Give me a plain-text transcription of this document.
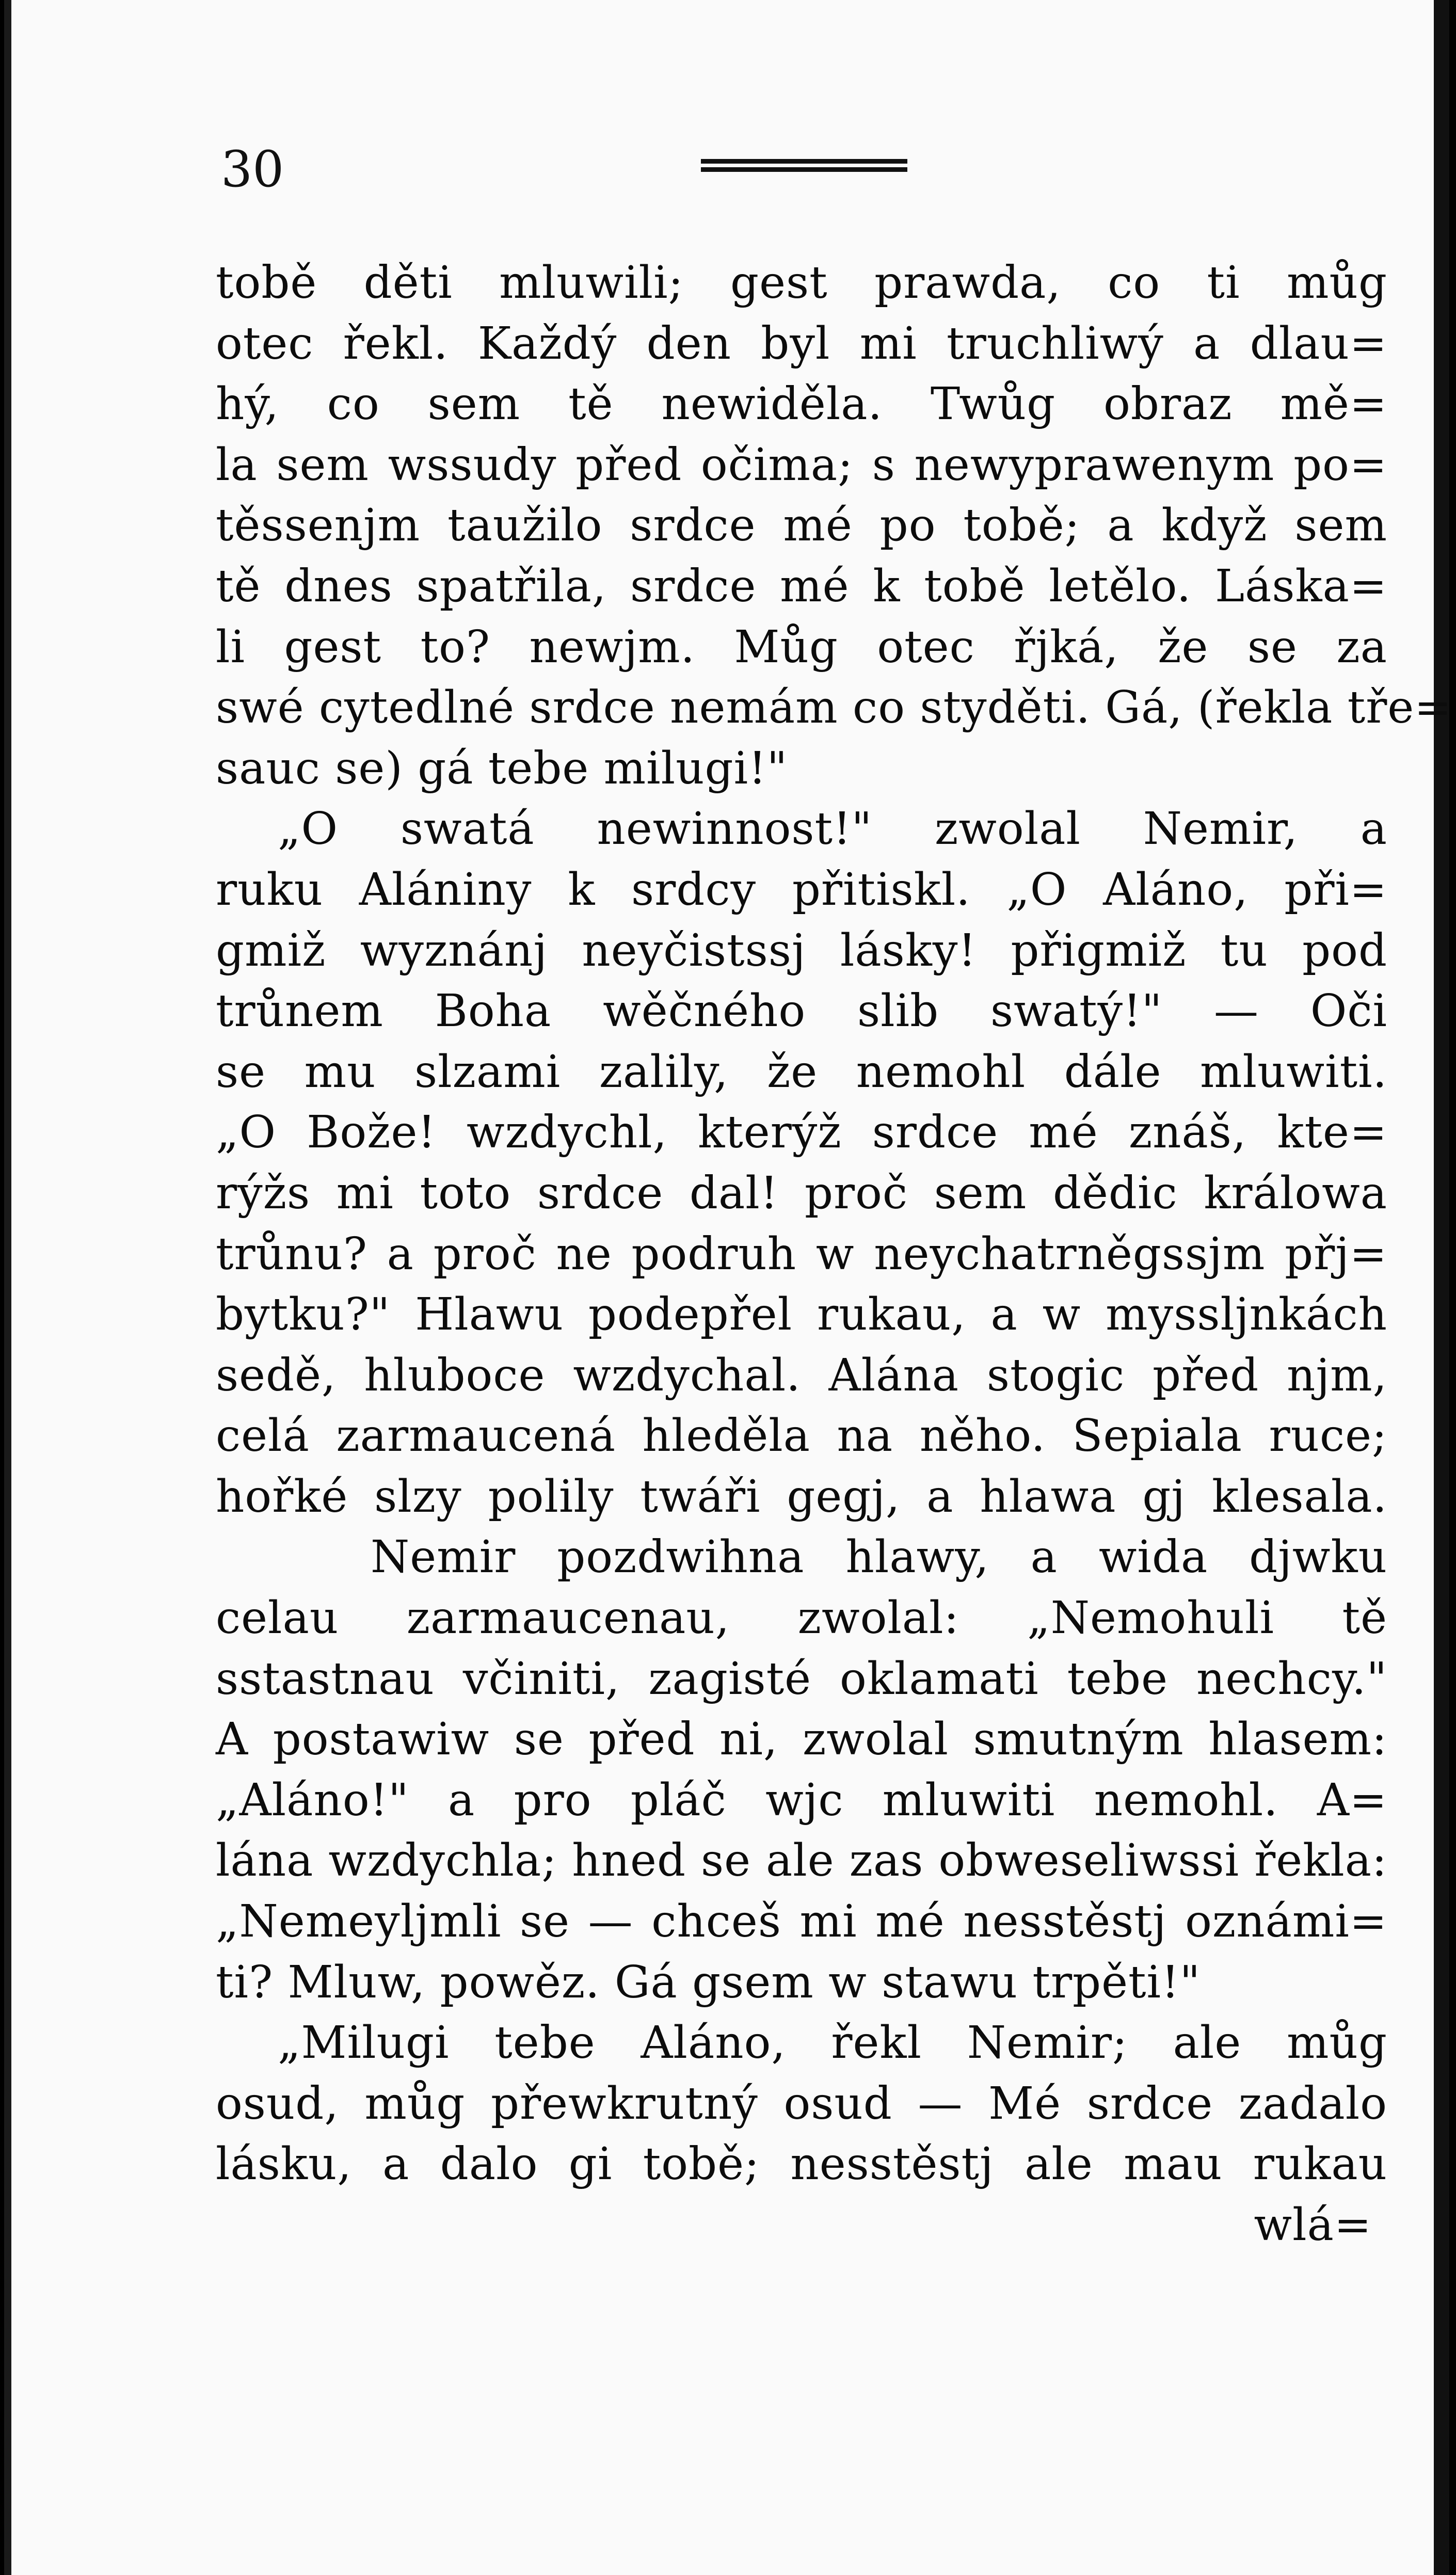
30
tobě děti mluwili; gest prawda, co ti můg
otec řekl. Každý den byl mi truchliwý a dlau=
hý, co sem tě newiděla. Twůg obraz mě=
la sem wssudy před očima; s newyprawenym po=
těssenjm taužilo srdce mé po tobě; a když sem
tě dnes spatřila, srdce mé k tobě letělo. Láska=
li gest to? newjm. Můg otec řjká, že se za
swé cytedlné srdce nemám co styděti. Gá, (řekla tře=
sauc se) gá tebe milugi!"
„O swatá newinnost!" zwolal Nemir, a
ruku Alániny k srdcy přitiskl. „O Aláno, při=
gmiž wyznánj neyčistssj lásky! přigmiž tu pod
trůnem Boha wěčného slib swatý!" — Oči
se mu slzami zalily, že nemohl dále mluwiti.
„O Bože! wzdychl, kterýž srdce mé znáš, kte=
rýžs mi toto srdce dal! proč sem dědic králowa
trůnu? a proč ne podruh w neychatrněgssjm přj=
bytku?" Hlawu podepřel rukau, a w myssljnkách
sedě, hluboce wzdychal. Alána stogic před njm,
celá zarmaucená hleděla na něho. Sepiala ruce;
hořké slzy polily twáři gegj, a hlawa gj klesala.
Nemir pozdwihna hlawy, a wida djwku
celau zarmaucenau, zwolal: „Nemohuli tě
sstastnau včiniti, zagisté oklamati tebe nechcy."
A postawiw se před ni, zwolal smutným hlasem:
„Aláno!" a pro pláč wjc mluwiti nemohl. A=
lána wzdychla; hned se ale zas obweseliwssi řekla:
„Nemeylјmli se — chceš mi mé nesstěstj oznámi=
ti? Mluw, powěz. Gá gsem w stawu trpěti!"
„Milugi tebe Aláno, řekl Nemir; ale můg
osud, můg přewkrutný osud — Mé srdce zadalo
lásku, a dalo gi tobě; nesstěstj ale mau rukau
wlá=
